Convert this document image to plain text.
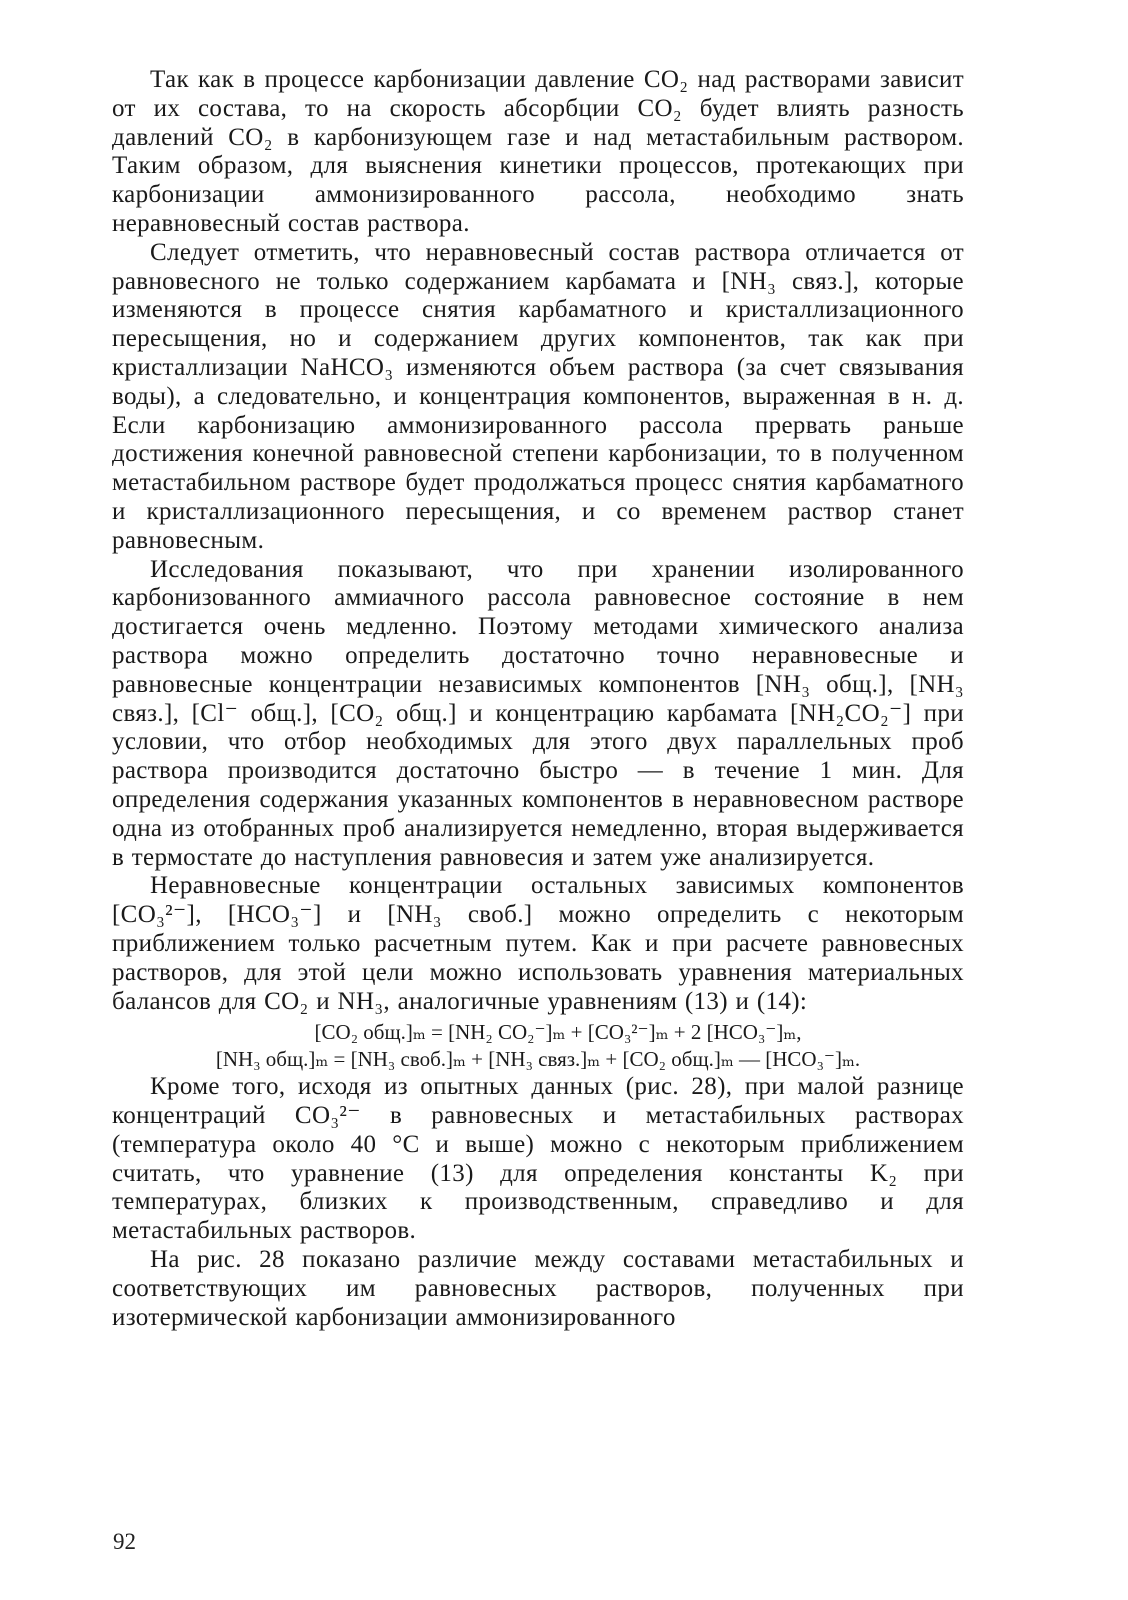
Так как в процессе карбонизации давление CO₂ над растворами зависит от их состава, то на скорость абсорбции CO₂ будет влиять разность давлений CO₂ в карбонизующем газе и над метастабильным раствором. Таким образом, для выяснения кинетики процессов, протекающих при карбонизации аммонизированного рассола, необходимо знать неравновесный состав раствора.

Следует отметить, что неравновесный состав раствора отличается от равновесного не только содержанием карбамата и [NH₃ связ.], которые изменяются в процессе снятия карбаматного и кристаллизационного пересыщения, но и содержанием других компонентов, так как при кристаллизации NaHCO₃ изменяются объем раствора (за счет связывания воды), а следовательно, и концентрация компонентов, выраженная в н. д. Если карбонизацию аммонизированного рассола прервать раньше достижения конечной равновесной степени карбонизации, то в полученном метастабильном растворе будет продолжаться процесс снятия карбаматного и кристаллизационного пересыщения, и со временем раствор станет равновесным.

Исследования показывают, что при хранении изолированного карбонизованного аммиачного рассола равновесное состояние в нем достигается очень медленно. Поэтому методами химического анализа раствора можно определить достаточно точно неравновесные и равновесные концентрации независимых компонентов [NH₃ общ.], [NH₃ связ.], [Cl⁻ общ.], [CO₂ общ.] и концентрацию карбамата [NH₂CO₂⁻] при условии, что отбор необходимых для этого двух параллельных проб раствора производится достаточно быстро — в течение 1 мин. Для определения содержания указанных компонентов в неравновесном растворе одна из отобранных проб анализируется немедленно, вторая выдерживается в термостате до наступления равновесия и затем уже анализируется.

Неравновесные концентрации остальных зависимых компонентов [CO₃²⁻], [HCO₃⁻] и [NH₃ своб.] можно определить с некоторым приближением только расчетным путем. Как и при расчете равновесных растворов, для этой цели можно использовать уравнения материальных балансов для CO₂ и NH₃, аналогичные уравнениям (13) и (14):

[CO₂ общ.]ₘ = [NH₂ CO₂⁻]ₘ + [CO₃²⁻]ₘ + 2 [HCO₃⁻]ₘ,

[NH₃ общ.]ₘ = [NH₃ своб.]ₘ + [NH₃ связ.]ₘ + [CO₂ общ.]ₘ — [HCO₃⁻]ₘ.

Кроме того, исходя из опытных данных (рис. 28), при малой разнице концентраций CO₃²⁻ в равновесных и метастабильных растворах (температура около 40 °C и выше) можно с некоторым приближением считать, что уравнение (13) для определения константы K₂ при температурах, близких к производственным, справедливо и для метастабильных растворов.

На рис. 28 показано различие между составами метастабильных и соответствующих им равновесных растворов, полученных при изотермической карбонизации аммонизированного

92
